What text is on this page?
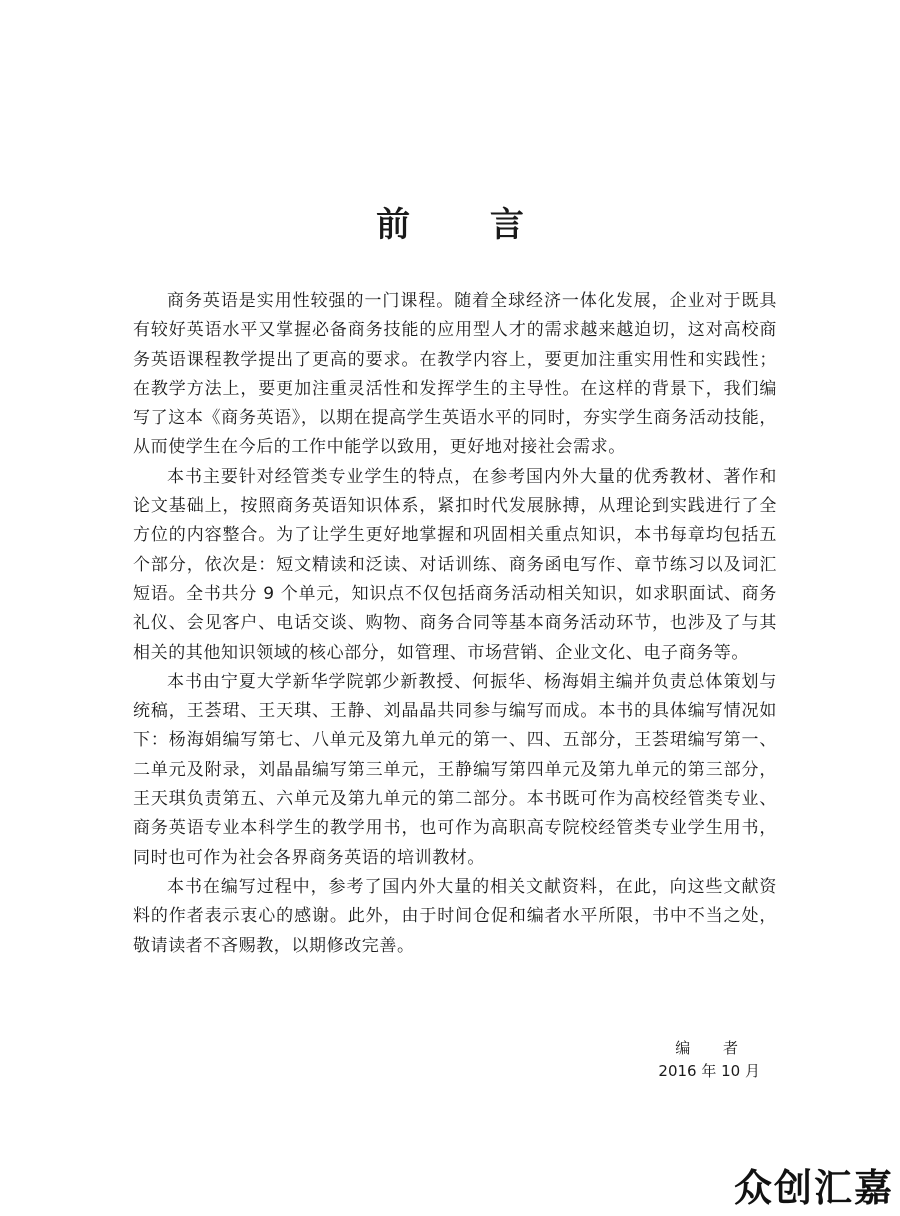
前 言

商务英语是实用性较强的一门课程。随着全球经济一体化发展，企业对于既具有较好英语水平又掌握必备商务技能的应用型人才的需求越来越迫切，这对高校商务英语课程教学提出了更高的要求。在教学内容上，要更加注重实用性和实践性；在教学方法上，要更加注重灵活性和发挥学生的主导性。在这样的背景下，我们编写了这本《商务英语》，以期在提高学生英语水平的同时，夯实学生商务活动技能，从而使学生在今后的工作中能学以致用，更好地对接社会需求。

本书主要针对经管类专业学生的特点，在参考国内外大量的优秀教材、著作和论文基础上，按照商务英语知识体系，紧扣时代发展脉搏，从理论到实践进行了全方位的内容整合。为了让学生更好地掌握和巩固相关重点知识，本书每章均包括五个部分，依次是：短文精读和泛读、对话训练、商务函电写作、章节练习以及词汇短语。全书共分 9 个单元，知识点不仅包括商务活动相关知识，如求职面试、商务礼仪、会见客户、电话交谈、购物、商务合同等基本商务活动环节，也涉及了与其相关的其他知识领域的核心部分，如管理、市场营销、企业文化、电子商务等。

本书由宁夏大学新华学院郭少新教授、何振华、杨海娟主编并负责总体策划与统稿，王荟珺、王天琪、王静、刘晶晶共同参与编写而成。本书的具体编写情况如下：杨海娟编写第七、八单元及第九单元的第一、四、五部分，王荟珺编写第一、二单元及附录，刘晶晶编写第三单元，王静编写第四单元及第九单元的第三部分，王天琪负责第五、六单元及第九单元的第二部分。本书既可作为高校经管类专业、商务英语专业本科学生的教学用书，也可作为高职高专院校经管类专业学生用书，同时也可作为社会各界商务英语的培训教材。

本书在编写过程中，参考了国内外大量的相关文献资料，在此，向这些文献资料的作者表示衷心的感谢。此外，由于时间仓促和编者水平所限，书中不当之处，敬请读者不吝赐教，以期修改完善。

编 者
2016 年 10 月
众创汇嘉
